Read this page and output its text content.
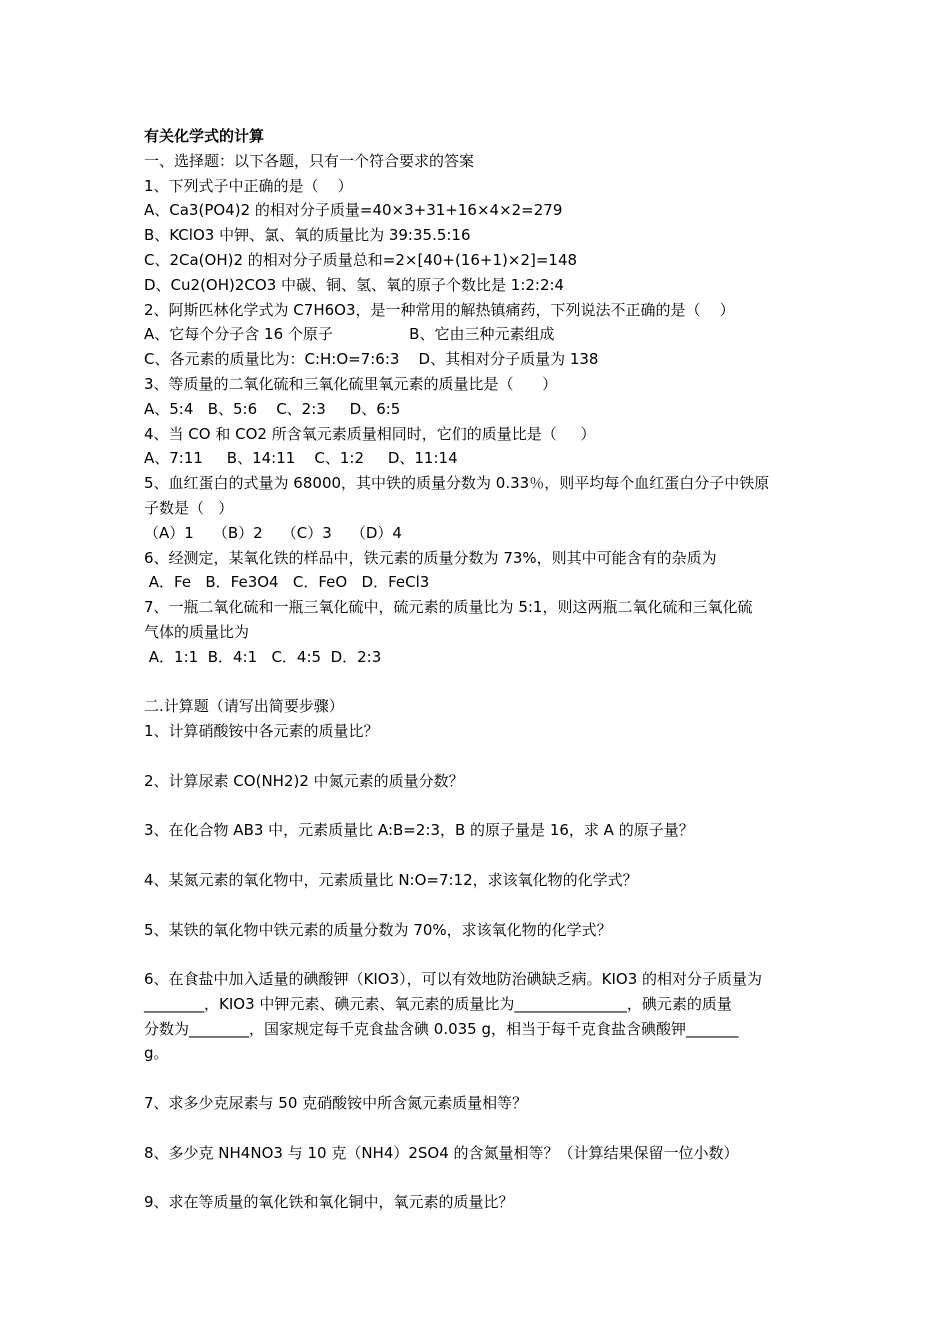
有关化学式的计算
一、选择题：以下各题，只有一个符合要求的答案
1、下列式子中正确的是（    ）
A、Ca3(PO4)2 的相对分子质量=40×3+31+16×4×2=279
B、KClO3 中钾、氯、氧的质量比为 39:35.5:16
C、2Ca(OH)2 的相对分子质量总和=2×[40+(16+1)×2]=148
D、Cu2(OH)2CO3 中碳、铜、氢、氧的原子个数比是 1:2:2:4
2、阿斯匹林化学式为 C7H6O3，是一种常用的解热镇痛药，下列说法不正确的是（    ）
A、它每个分子含 16 个原子                B、它由三种元素组成
C、各元素的质量比为：C:H:O=7:6:3    D、其相对分子质量为 138
3、等质量的二氧化硫和三氧化硫里氧元素的质量比是（      ）
A、5:4   B、5:6    C、2:3     D、6:5
4、当 CO 和 CO2 所含氧元素质量相同时，它们的质量比是（     ）
A、7:11     B、14:11    C、1:2     D、11:14
5、血红蛋白的式量为 68000，其中铁的质量分数为 0.33％，则平均每个血红蛋白分子中铁原
子数是（   ）
（A）1    （B）2    （C）3    （D）4
6、经测定，某氧化铁的样品中，铁元素的质量分数为 73%，则其中可能含有的杂质为
A．Fe   B．Fe3O4   C．FeO   D．FeCl3
7、一瓶二氧化硫和一瓶三氧化硫中，硫元素的质量比为 5:1，则这两瓶二氧化硫和三氧化硫
气体的质量比为
A．1:1  B．4:1   C．4:5  D．2:3
二.计算题（请写出简要步骤）
1、计算硝酸铵中各元素的质量比？
2、计算尿素 CO(NH2)2 中氮元素的质量分数？
3、在化合物 AB3 中，元素质量比 A:B=2:3，B 的原子量是 16，求 A 的原子量？
4、某氮元素的氧化物中，元素质量比 N:O=7:12，求该氧化物的化学式？
5、某铁的氧化物中铁元素的质量分数为 70%，求该氧化物的化学式？
6、在食盐中加入适量的碘酸钾（KIO3），可以有效地防治碘缺乏病。KIO3 的相对分子质量为
________，KIO3 中钾元素、碘元素、氧元素的质量比为_______________，碘元素的质量
分数为________，国家规定每千克食盐含碘 0.035 g，相当于每千克食盐含碘酸钾_______
g。
7、求多少克尿素与 50 克硝酸铵中所含氮元素质量相等？
8、多少克 NH4NO3 与 10 克（NH4）2SO4 的含氮量相等？（计算结果保留一位小数）
9、求在等质量的氧化铁和氧化铜中，氧元素的质量比？
